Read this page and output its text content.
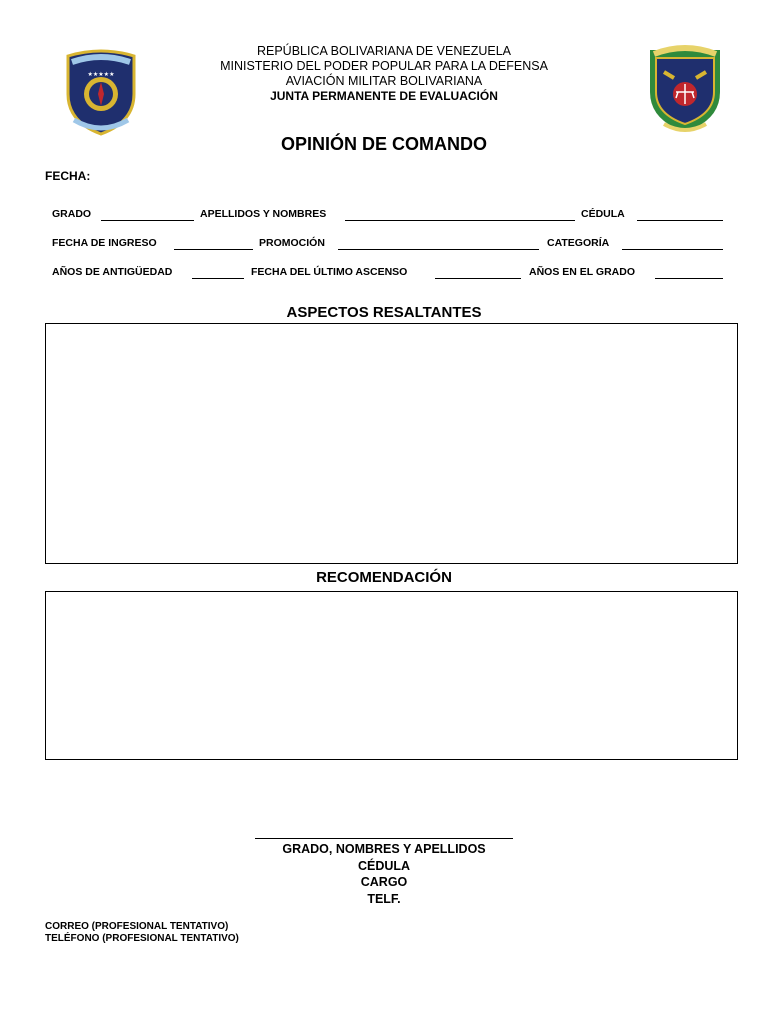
★★★★★
REPÚBLICA BOLIVARIANA DE VENEZUELA
MINISTERIO DEL PODER POPULAR PARA LA DEFENSA
AVIACIÓN MILITAR BOLIVARIANA
JUNTA PERMANENTE DE EVALUACIÓN
OPINIÓN DE COMANDO
FECHA:
GRADO	APELLIDOS Y NOMBRES	CÉDULA
FECHA DE INGRESO	PROMOCIÓN	CATEGORÍA
AÑOS DE ANTIGÜEDAD	FECHA DEL ÚLTIMO ASCENSO	AÑOS EN EL GRADO
ASPECTOS RESALTANTES
RECOMENDACIÓN
GRADO, NOMBRES Y APELLIDOS
CÉDULA
CARGO
TELF.
CORREO (PROFESIONAL TENTATIVO)
TELÉFONO (PROFESIONAL TENTATIVO)
